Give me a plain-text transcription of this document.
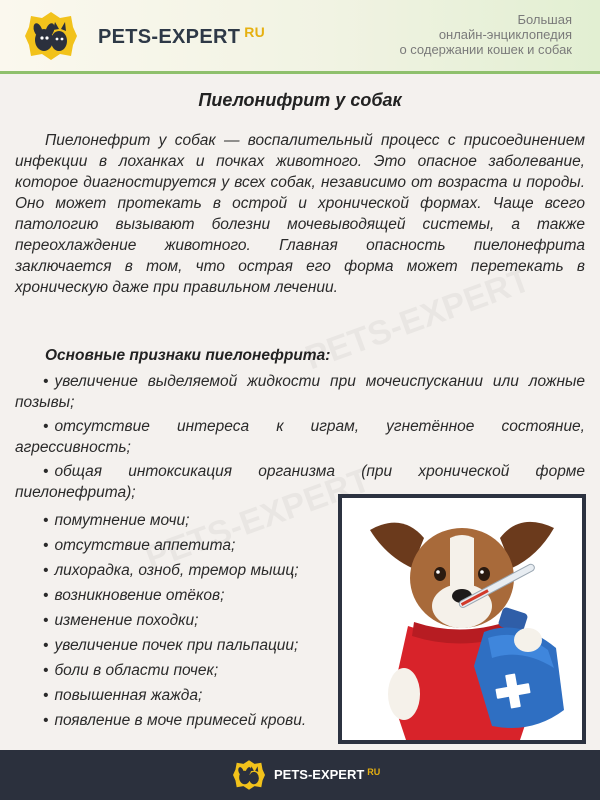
PETS-EXPERT $^{RU}$
Большая
онлайн-энциклопедия
о содержании кошек и собак
Пиелонифрит у собак

Пиелонефрит у собак — воспалительный процесс с присоединением инфекции в лоханках и почках животного. Это опасное заболевание, которое диагностируется у всех собак, независимо от возраста и породы. Оно может протекать в острой и хронической формах. Чаще всего патологию вызывают болезни мочевыводящей системы, а также переохлаждение животного. Главная опасность пиелонефрита заключается в том, что острая его форма может перетекать в хроническую даже при правильном лечении.

Основные признаки пиелонефрита:
• увеличение выделяемой жидкости при мочеиспускании или ложные позывы;
• отсутствие интереса к играм, угнетённое состояние, агрессивность;
• общая интоксикация организма (при хронической форме пиелонефрита);
• помутнение мочи;
• отсутствие аппетита;
• лихорадка, озноб, тремор мышц;
• возникновение отёков;
• изменение походки;
• увеличение почек при пальпации;
• боли в области почек;
• повышенная жажда;
• появление в моче примесей крови.
PETS-EXPERT $^{RU}$
